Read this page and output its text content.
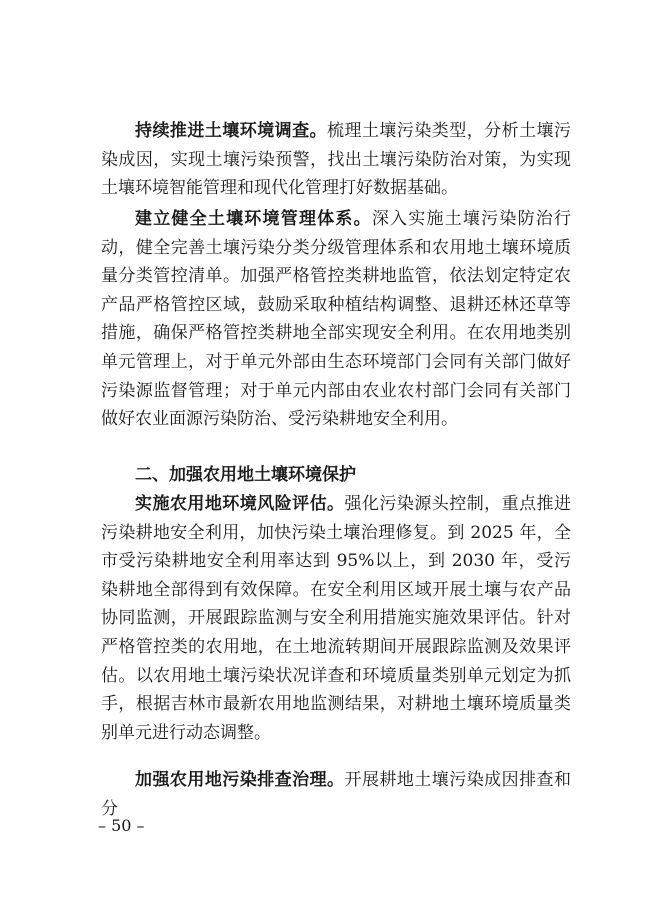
持续推进土壤环境调查。梳理土壤污染类型，分析土壤污染成因，实现土壤污染预警，找出土壤污染防治对策，为实现土壤环境智能管理和现代化管理打好数据基础。

建立健全土壤环境管理体系。深入实施土壤污染防治行动，健全完善土壤污染分类分级管理体系和农用地土壤环境质量分类管控清单。加强严格管控类耕地监管，依法划定特定农产品严格管控区域，鼓励采取种植结构调整、退耕还林还草等措施，确保严格管控类耕地全部实现安全利用。在农用地类别单元管理上，对于单元外部由生态环境部门会同有关部门做好污染源监督管理；对于单元内部由农业农村部门会同有关部门做好农业面源污染防治、受污染耕地安全利用。

二、加强农用地土壤环境保护

实施农用地环境风险评估。强化污染源头控制，重点推进污染耕地安全利用，加快污染土壤治理修复。到 2025 年，全市受污染耕地安全利用率达到 95%以上，到 2030 年，受污染耕地全部得到有效保障。在安全利用区域开展土壤与农产品协同监测，开展跟踪监测与安全利用措施实施效果评估。针对严格管控类的农用地，在土地流转期间开展跟踪监测及效果评估。以农用地土壤污染状况详查和环境质量类别单元划定为抓手，根据吉林市最新农用地监测结果，对耕地土壤环境质量类别单元进行动态调整。

加强农用地污染排查治理。开展耕地土壤污染成因排查和分

– 50 –
